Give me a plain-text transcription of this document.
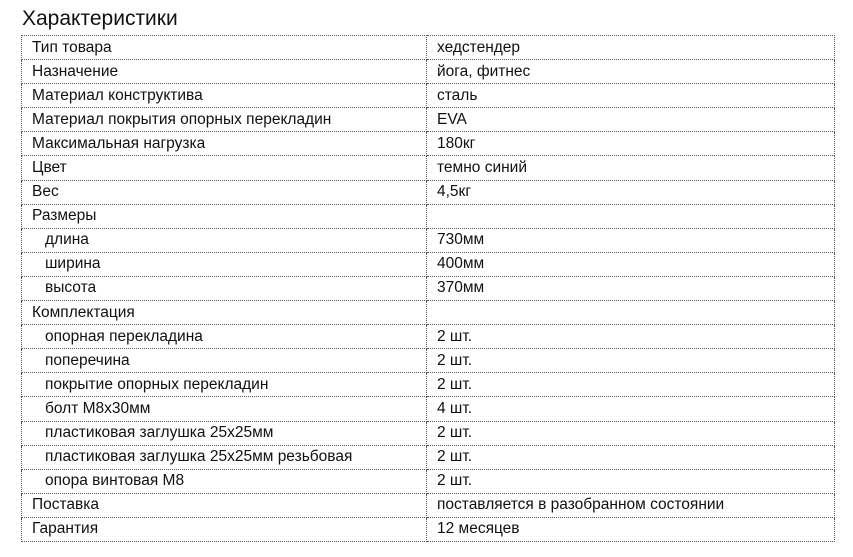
Характеристики
Тип товара	хедстендер
Назначение	йога, фитнес
Материал конструктива	сталь
Материал покрытия опорных перекладин	EVA
Максимальная нагрузка	180кг
Цвет	темно синий
Вес	4,5кг
Размеры	
длина	730мм
ширина	400мм
высота	370мм
Комплектация	
опорная перекладина	2 шт.
поперечина	2 шт.
покрытие опорных перекладин	2 шт.
болт М8х30мм	4 шт.
пластиковая заглушка 25х25мм	2 шт.
пластиковая заглушка 25х25мм резьбовая	2 шт.
опора винтовая М8	2 шт.
Поставка	поставляется в разобранном состоянии
Гарантия	12 месяцев
